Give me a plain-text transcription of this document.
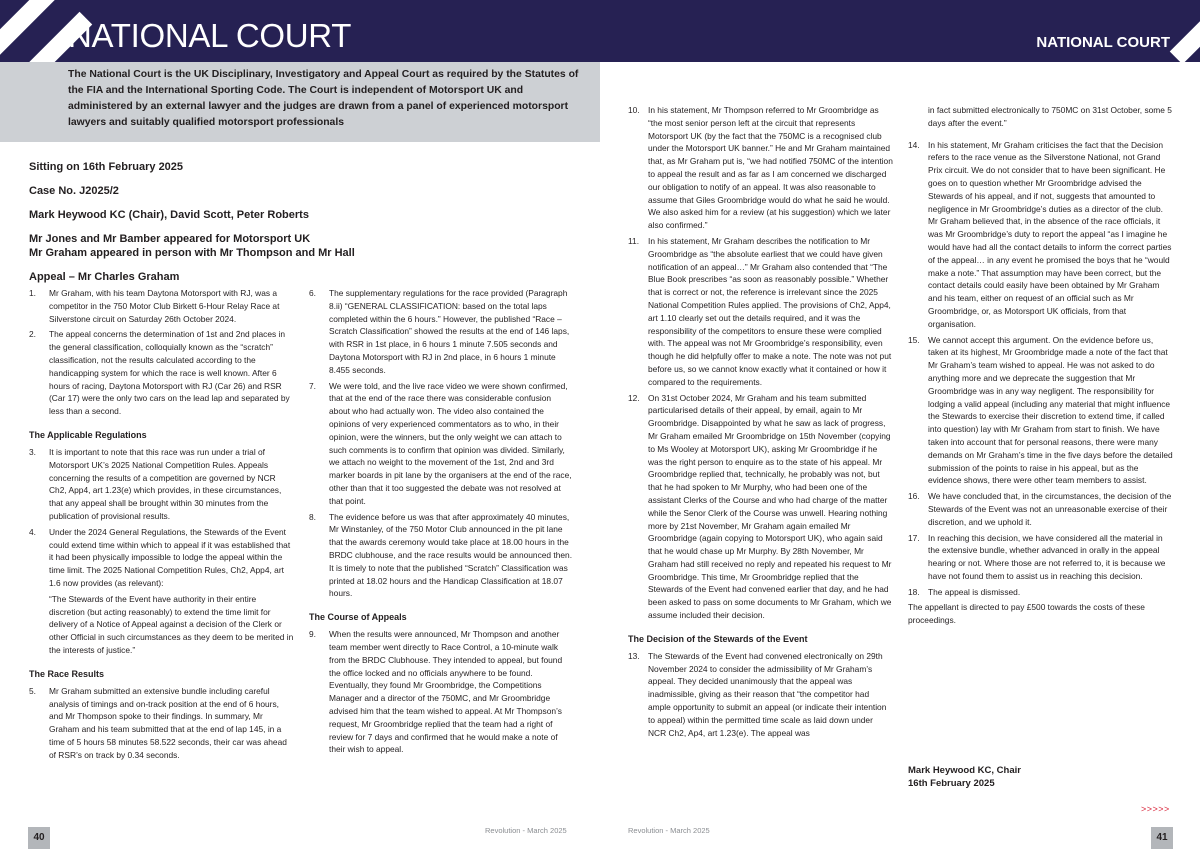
NATIONAL COURT	NATIONAL COURT

The National Court is the UK Disciplinary, Investigatory and Appeal Court as required by the Statutes of the FIA and the International Sporting Code. The Court is independent of Motorsport UK and administered by an external lawyer and the judges are drawn from a panel of experienced motorsport lawyers and suitably qualified motorsport professionals

Sitting on 16th February 2025
Case No. J2025/2
Mark Heywood KC (Chair), David Scott, Peter Roberts
Mr Jones and Mr Bamber appeared for Motorsport UK
Mr Graham appeared in person with Mr Thompson and Mr Hall
Appeal – Mr Charles Graham
1.	Mr Graham, with his team Daytona Motorsport with RJ, was a competitor in the 750 Motor Club Birkett 6-Hour Relay Race at Silverstone circuit on Saturday 26th October 2024.
2.	The appeal concerns the determination of 1st and 2nd places in the general classification, colloquially known as the “scratch” classification, not the results calculated according to the handicapping system for which the race is well known. After 6 hours of racing, Daytona Motorsport with RJ (Car 26) and RSR (Car 17) were the only two cars on the lead lap and separated by less than a second.
The Applicable Regulations
3.	It is important to note that this race was run under a trial of Motorsport UK’s 2025 National Competition Rules. Appeals concerning the results of a competition are governed by NCR Ch2, App4, art 1.23(e) which provides, in these circumstances, that any appeal shall be brought within 30 minutes from the publication of provisional results.
4.	Under the 2024 General Regulations, the Stewards of the Event could extend time within which to appeal if it was established that it had been physically impossible to lodge the appeal within the time limit. The 2025 National Competition Rules, Ch2, App4, art 1.6 now provides (as relevant):
“The Stewards of the Event have authority in their entire discretion (but acting reasonably) to extend the time limit for delivery of a Notice of Appeal against a decision of the Clerk or other Official in such circumstances as they deem to be merited in the interests of justice.”
The Race Results
5.	Mr Graham submitted an extensive bundle including careful analysis of timings and on-track position at the end of 6 hours, and Mr Thompson spoke to their findings. In summary, Mr Graham and his team submitted that at the end of lap 145, in a time of 5 hours 58 minutes 58.522 seconds, their car was ahead of RSR’s on track by 0.34 seconds.
6.	The supplementary regulations for the race provided (Paragraph 8.ii) “GENERAL CLASSIFICATION: based on the total laps completed within the 6 hours.” However, the published “Race – Scratch Classification” showed the results at the end of 146 laps, with RSR in 1st place, in 6 hours 1 minute 7.505 seconds and Daytona Motorsport with RJ in 2nd place, in 6 hours 1 minute 8.455 seconds.
7.	We were told, and the live race video we were shown confirmed, that at the end of the race there was considerable confusion about who had actually won. The video also contained the opinions of very experienced commentators as to who, in their opinion, were the winners, but the only weight we can attach to such comments is to confirm that opinion was divided. Similarly, we attach no weight to the movement of the 1st, 2nd and 3rd marker boards in pit lane by the organisers at the end of the race, other than that it too suggested the debate was not resolved at that point.
8.	The evidence before us was that after approximately 40 minutes, Mr Winstanley, of the 750 Motor Club announced in the pit lane that the awards ceremony would take place at 18.00 hours in the BRDC clubhouse, and the race results would be announced then. It is timely to note that the published “Scratch” Classification was printed at 18.02 hours and the Handicap Classification at 18.07 hours.
The Course of Appeals
9.	When the results were announced, Mr Thompson and another team member went directly to Race Control, a 10-minute walk from the BRDC Clubhouse. They intended to appeal, but found the office locked and no officials anywhere to be found. Eventually, they found Mr Groombridge, the Competitions Manager and a director of the 750MC, and Mr Groombridge advised him that the team wished to appeal. At Mr Thompson’s request, Mr Groombridge replied that the team had a right of review for 7 days and confirmed that he would make a note of their wish to appeal.
10. In his statement, Mr Thompson referred to Mr Groombridge as “the most senior person left at the circuit that represents Motorsport UK (by the fact that the 750MC is a recognised club under the Motorsport UK banner.” He and Mr Graham maintained that, as Mr Graham put is, “we had notified 750MC of the intention to appeal the result and as far as I am concerned we discharged our obligation to notify of an appeal. It was also reasonable to assume that Giles Groombridge would do what he said he would. We also asked him for a review (at his suggestion) which we later also confirmed.”
11.	In his statement, Mr Graham describes the notification to Mr Groombridge as “the absolute earliest that we could have given notification of an appeal…” Mr Graham also contended that “The Blue Book prescribes “as soon as reasonably possible.” Whether that is correct or not, the reference is irrelevant since the 2025 National Competition Rules applied. The provisions of Ch2, App4, art 1.10 clearly set out the details required, and it was the responsibility of the competitors to ensure these were complied with. The appeal was not Mr Groombridge’s responsibility, even though he did helpfully offer to make a note. The note was not put before us, so we cannot know exactly what it contained or how it compared to the requirements.
12. On 31st October 2024, Mr Graham and his team submitted particularised details of their appeal, by email, again to Mr Groombridge. Disappointed by what he saw as lack of progress, Mr Graham emailed Mr Groombridge on 15th November (copying to Ms Wooley at Motorsport UK), asking Mr Groombridge if he was the right person to enquire as to the state of his appeal. Mr Groombridge replied that, technically, he probably was not, but that he had spoken to Mr Murphy, who had been one of the assistant Clerks of the Course and who had charge of the matter while the Senor Clerk of the Course was unwell. Hearing nothing more by 21st November, Mr Graham again emailed Mr Groombridge (again copying to Motorsport UK), who again said that he would chase up Mr Murphy. By 28th November, Mr Graham had still received no reply and repeated his request to Mr Groombridge. This time, Mr Groombridge replied that the Stewards of the Event had convened earlier that day, and he had been asked to pass on some documents to Mr Graham, which we assume included their decision.
The Decision of the Stewards of the Event
13. The Stewards of the Event had convened electronically on 29th November 2024 to consider the admissibility of Mr Graham’s appeal. They decided unanimously that the appeal was inadmissible, giving as their reason that “the competitor had ample opportunity to submit an appeal (or indicate their intention to appeal) within the permitted time scale as laid down under NCR Ch2, Ap4, art 1.23(e). The appeal was
in fact submitted electronically to 750MC on 31st October, some 5 days after the event.”
14. In his statement, Mr Graham criticises the fact that the Decision refers to the race venue as the Silverstone National, not Grand Prix circuit. We do not consider that to have been significant. He goes on to question whether Mr Groombridge advised the Stewards of his appeal, and if not, suggests that amounted to negligence in Mr Groombridge’s duties as a director of the club. Mr Graham believed that, in the absence of the race officials, it was Mr Groombridge’s duty to report the appeal “as I imagine he would have had all the contact details to inform the correct parties of the appeal… in any event he promised the boys that he “would make a note.” That assumption may have been correct, but the contact details could easily have been obtained by Mr Graham and his team, either on request of an official such as Mr Groombridge, or, as Motorsport UK officials, from that organisation.
15. We cannot accept this argument. On the evidence before us, taken at its highest, Mr Groombridge made a note of the fact that Mr Graham’s team wished to appeal. He was not asked to do anything more and we deprecate the suggestion that Mr Groombridge was in any way negligent. The responsibility for lodging a valid appeal (including any material that might influence the Stewards to exercise their discretion to extend time, if called into question) lay with Mr Graham from start to finish. We have taken into account that for personal reasons, there were many demands on Mr Graham’s time in the five days before the detailed submission of the points to raise in his appeal, but as the evidence shows, there were other team members to assist.
16. We have concluded that, in the circumstances, the decision of the Stewards of the Event was not an unreasonable exercise of their discretion, and we uphold it.
17. In reaching this decision, we have considered all the material in the extensive bundle, whether advanced in orally in the appeal hearing or not. Where those are not referred to, it is because we have not found them to assist us in reaching this decision.
18. The appeal is dismissed.
The appellant is directed to pay £500 towards the costs of these proceedings.
Mark Heywood KC, Chair
16th February 2025
>>>>>
40
Revolution - March 2025	Revolution - March 2025
41
